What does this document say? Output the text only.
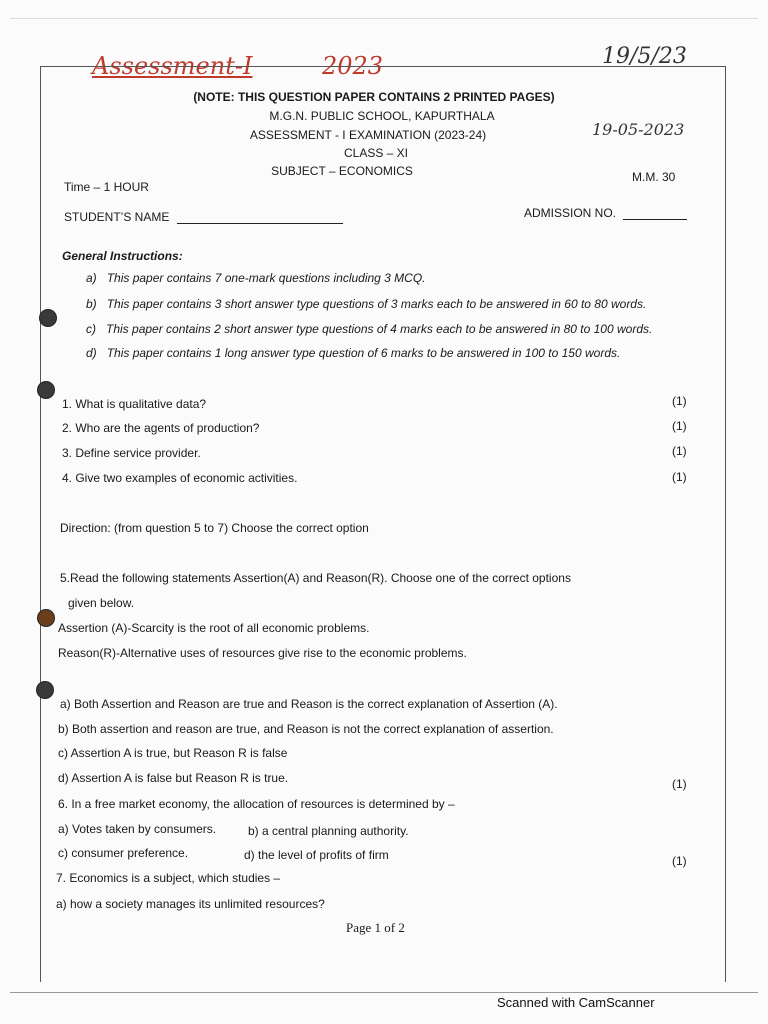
Assessment-I	2023	19/5/23
19-05-2023
(NOTE: THIS QUESTION PAPER CONTAINS 2 PRINTED PAGES)
M.G.N. PUBLIC SCHOOL, KAPURTHALA
ASSESSMENT - I EXAMINATION (2023-24)
CLASS – XI
SUBJECT – ECONOMICS
Time – 1 HOUR
M.M. 30
STUDENT’S NAME	ADMISSION NO.
General Instructions:
a) This paper contains 7 one-mark questions including 3 MCQ.
b) This paper contains 3 short answer type questions of 3 marks each to be answered in 60 to 80 words.
c) This paper contains 2 short answer type questions of 4 marks each to be answered in 80 to 100 words.
d) This paper contains 1 long answer type question of 6 marks to be answered in 100 to 150 words.
1. What is qualitative data?	(1)
2. Who are the agents of production?	(1)
3. Define service provider.	(1)
4. Give two examples of economic activities.	(1)
Direction: (from question 5 to 7) Choose the correct option
5.Read the following statements Assertion(A) and Reason(R). Choose one of the correct options
given below.
Assertion (A)-Scarcity is the root of all economic problems.
Reason(R)-Alternative uses of resources give rise to the economic problems.
a) Both Assertion and Reason are true and Reason is the correct explanation of Assertion (A).
b) Both assertion and reason are true, and Reason is not the correct explanation of assertion.
c) Assertion A is true, but Reason R is false
d) Assertion A is false but Reason R is true.	(1)
6. In a free market economy, the allocation of resources is determined by –
a) Votes taken by consumers.	b) a central planning authority.
c) consumer preference.	d) the level of profits of firm	(1)
7. Economics is a subject, which studies –
a) how a society manages its unlimited resources?
Page 1 of 2
Scanned with CamScanner
